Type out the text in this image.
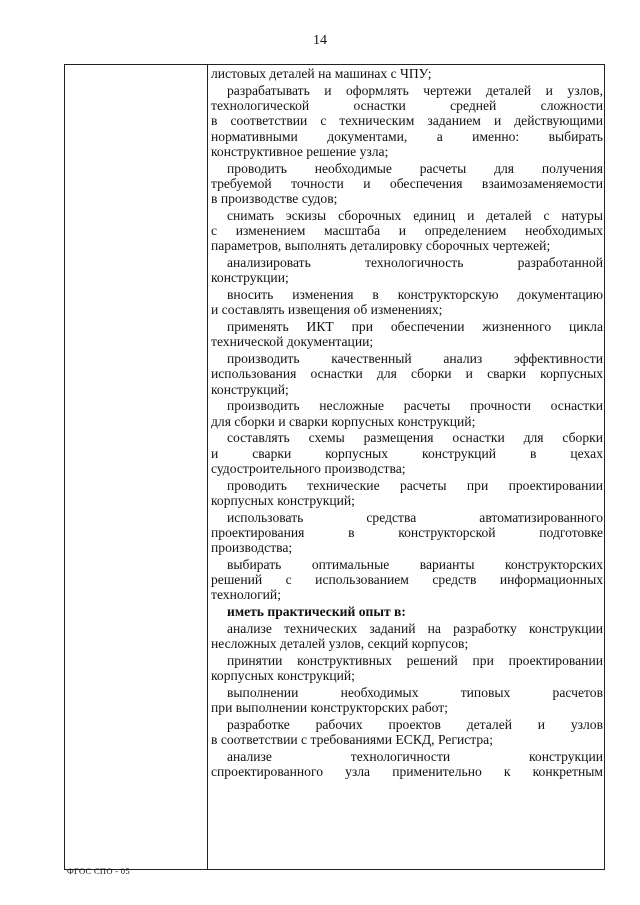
14
листовых деталей на машинах с ЧПУ;
разрабатывать и оформлять чертежи деталей и узлов,
технологической оснастки средней сложности
в соответствии с техническим заданием и действующими
нормативными документами, а именно: выбирать
конструктивное решение узла;
проводить необходимые расчеты для получения
требуемой точности и обеспечения взаимозаменяемости
в производстве судов;
снимать эскизы сборочных единиц и деталей с натуры
с изменением масштаба и определением необходимых
параметров, выполнять деталировку сборочных чертежей;
анализировать технологичность разработанной
конструкции;
вносить изменения в конструкторскую документацию
и составлять извещения об изменениях;
применять ИКТ при обеспечении жизненного цикла
технической документации;
производить качественный анализ эффективности
использования оснастки для сборки и сварки корпусных
конструкций;
производить несложные расчеты прочности оснастки
для сборки и сварки корпусных конструкций;
составлять схемы размещения оснастки для сборки
и сварки корпусных конструкций в цехах
судостроительного производства;
проводить технические расчеты при проектировании
корпусных конструкций;
использовать средства автоматизированного
проектирования в конструкторской подготовке
производства;
выбирать оптимальные варианты конструкторских
решений с использованием средств информационных
технологий;
иметь практический опыт в:
анализе технических заданий на разработку конструкции
несложных деталей узлов, секций корпусов;
принятии конструктивных решений при проектировании
корпусных конструкций;
выполнении необходимых типовых расчетов
при выполнении конструкторских работ;
разработке рабочих проектов деталей и узлов
в соответствии с требованиями ЕСКД, Регистра;
анализе технологичности конструкции
спроектированного узла применительно к конкретным
ФГОС СПО - 05
